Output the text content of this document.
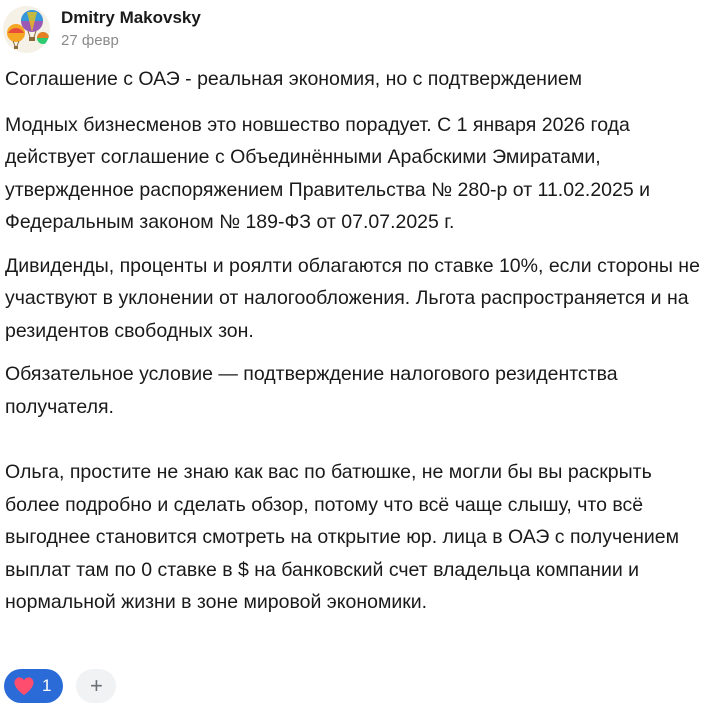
Dmitry Makovsky
27 февр

Соглашение с ОАЭ - реальная экономия, но с подтверждением

Модных бизнесменов это новшество порадует. С 1 января 2026 года действует соглашение с Объединёнными Арабскими Эмиратами, утвержденное распоряжением Правительства № 280-р от 11.02.2025 и Федеральным законом № 189-ФЗ от 07.07.2025 г.

Дивиденды, проценты и роялти облагаются по ставке 10%, если стороны не участвуют в уклонении от налогообложения. Льгота распространяется и на резидентов свободных зон.

Обязательное условие — подтверждение налогового резидентства получателя.

Ольга, простите не знаю как вас по батюшке, не могли бы вы раскрыть более подробно и сделать обзор, потому что всё чаще слышу, что всё выгоднее становится смотреть на открытие юр. лица в ОАЭ с получением выплат там по 0 ставке в $ на банковский счет владельца компании и нормальной жизни в зоне мировой экономики.

1 +
